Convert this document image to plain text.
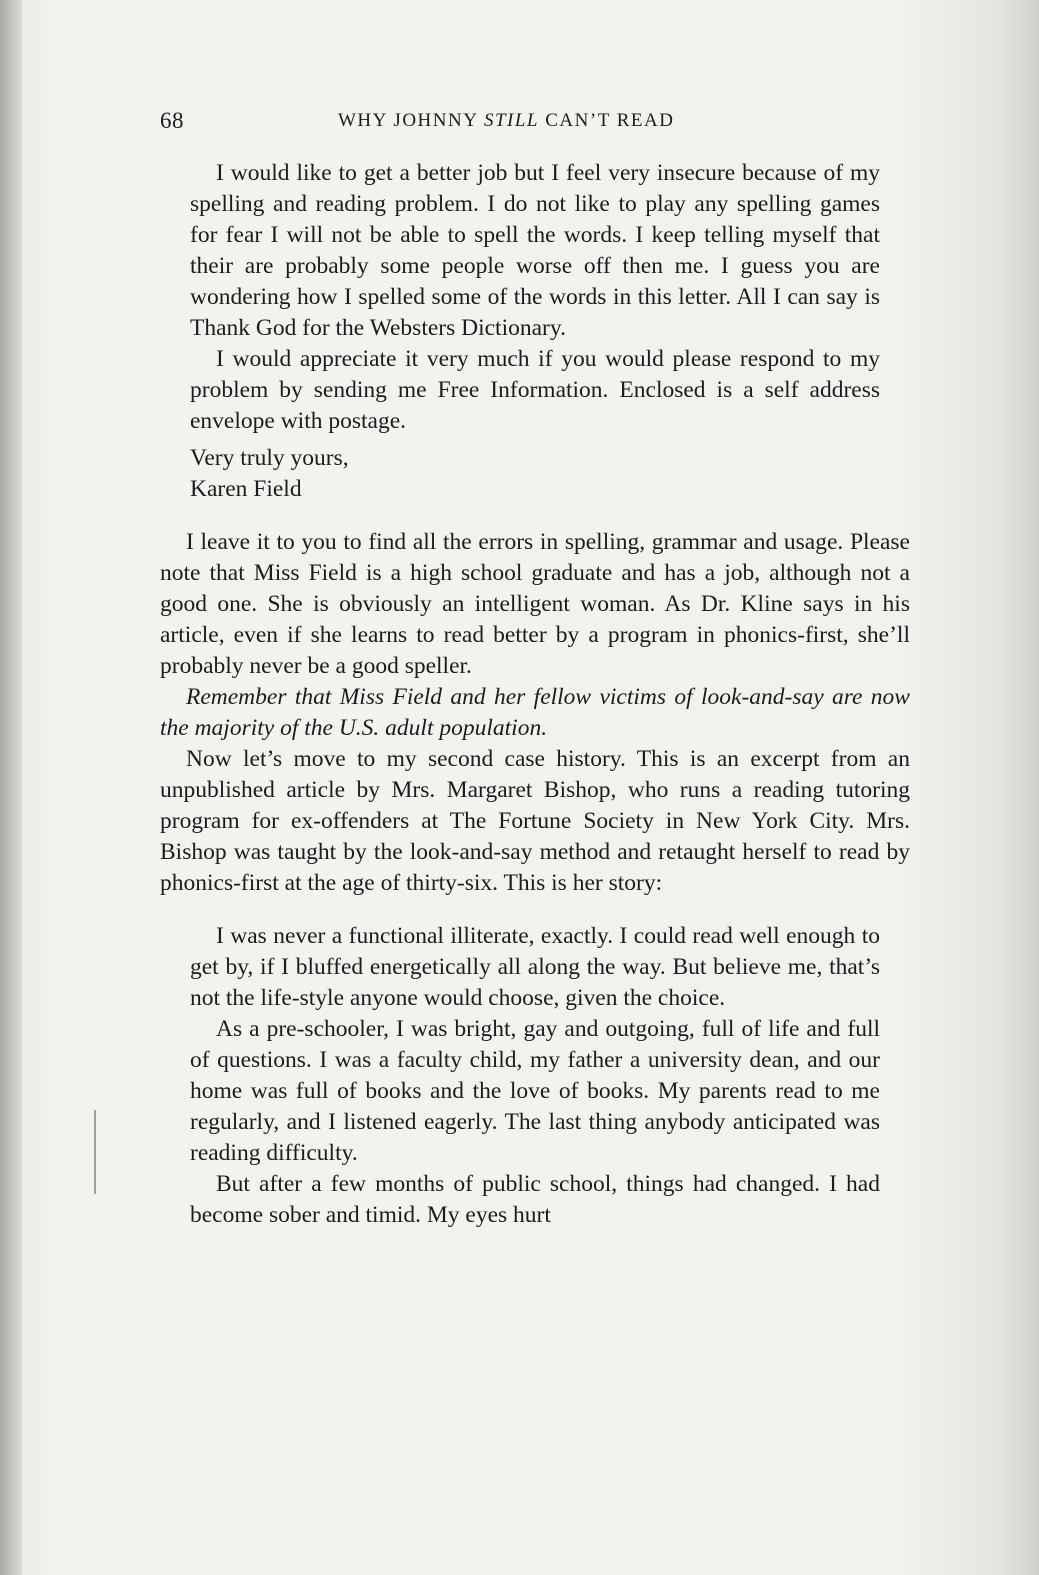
68	WHY JOHNNY STILL CAN’T READ

I would like to get a better job but I feel very insecure because of my spelling and reading problem. I do not like to play any spelling games for fear I will not be able to spell the words. I keep telling myself that their are probably some people worse off then me. I guess you are wondering how I spelled some of the words in this letter. All I can say is Thank God for the Websters Dictionary.

I would appreciate it very much if you would please respond to my problem by sending me Free Information. Enclosed is a self address envelope with postage.

Very truly yours,

Karen Field

I leave it to you to find all the errors in spelling, grammar and usage. Please note that Miss Field is a high school graduate and has a job, although not a good one. She is obviously an intelligent woman. As Dr. Kline says in his article, even if she learns to read better by a program in phonics-first, she’ll probably never be a good speller.

Remember that Miss Field and her fellow victims of look-and-say are now the majority of the U.S. adult population.

Now let’s move to my second case history. This is an excerpt from an unpublished article by Mrs. Margaret Bishop, who runs a reading tutoring program for ex-offenders at The Fortune Society in New York City. Mrs. Bishop was taught by the look-and-say method and retaught herself to read by phonics-first at the age of thirty-six. This is her story:

I was never a functional illiterate, exactly. I could read well enough to get by, if I bluffed energetically all along the way. But believe me, that’s not the life-style anyone would choose, given the choice.

As a pre-schooler, I was bright, gay and outgoing, full of life and full of questions. I was a faculty child, my father a university dean, and our home was full of books and the love of books. My parents read to me regularly, and I listened eagerly. The last thing anybody anticipated was reading difficulty.

But after a few months of public school, things had changed. I had become sober and timid. My eyes hurt
